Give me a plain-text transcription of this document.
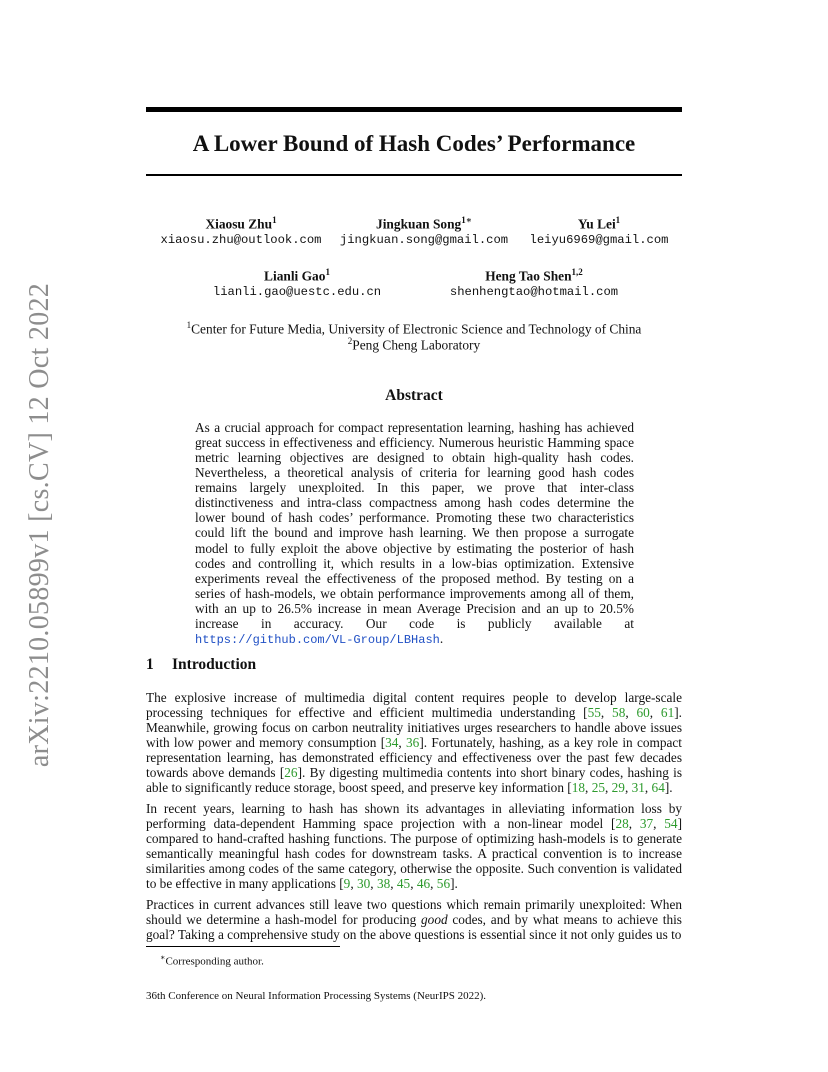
arXiv:2210.05899v1 [cs.CV] 12 Oct 2022
A Lower Bound of Hash Codes’ Performance
Xiaosu Zhu$^1$
xiaosu.zhu@outlook.com
Jingkuan Song$^{1∗}$
jingkuan.song@gmail.com
Yu Lei$^1$
leiyu6969@gmail.com
Lianli Gao$^1$
lianli.gao@uestc.edu.cn
Heng Tao Shen$^{1,2}$
shenhengtao@hotmail.com
$^1$Center for Future Media, University of Electronic Science and Technology of China
$^2$Peng Cheng Laboratory
Abstract

As a crucial approach for compact representation learning, hashing has achieved great success in effectiveness and efficiency. Numerous heuristic Hamming space metric learning objectives are designed to obtain high-quality hash codes. Nevertheless, a theoretical analysis of criteria for learning good hash codes remains largely unexploited. In this paper, we prove that inter-class distinctiveness and intra-class compactness among hash codes determine the lower bound of hash codes’ performance. Promoting these two characteristics could lift the bound and improve hash learning. We then propose a surrogate model to fully exploit the above objective by estimating the posterior of hash codes and controlling it, which results in a low-bias optimization. Extensive experiments reveal the effectiveness of the proposed method. By testing on a series of hash-models, we obtain performance improvements among all of them, with an up to 26.5% increase in mean Average Precision and an up to 20.5% increase in accuracy. Our code is publicly available at https://github.com/VL-Group/LBHash.

1 Introduction

The explosive increase of multimedia digital content requires people to develop large-scale processing techniques for effective and efficient multimedia understanding [55, 58, 60, 61]. Meanwhile, growing focus on carbon neutrality initiatives urges researchers to handle above issues with low power and memory consumption [34, 36]. Fortunately, hashing, as a key role in compact representation learning, has demonstrated efficiency and effectiveness over the past few decades towards above demands [26]. By digesting multimedia contents into short binary codes, hashing is able to significantly reduce storage, boost speed, and preserve key information [18, 25, 29, 31, 64].

In recent years, learning to hash has shown its advantages in alleviating information loss by performing data-dependent Hamming space projection with a non-linear model [28, 37, 54] compared to hand-crafted hashing functions. The purpose of optimizing hash-models is to generate semantically meaningful hash codes for downstream tasks. A practical convention is to increase similarities among codes of the same category, otherwise the opposite. Such convention is validated to be effective in many applications [9, 30, 38, 45, 46, 56].

Practices in current advances still leave two questions which remain primarily unexploited: When should we determine a hash-model for producing good codes, and by what means to achieve this goal? Taking a comprehensive study on the above questions is essential since it not only guides us to

∗Corresponding author.

36th Conference on Neural Information Processing Systems (NeurIPS 2022).
